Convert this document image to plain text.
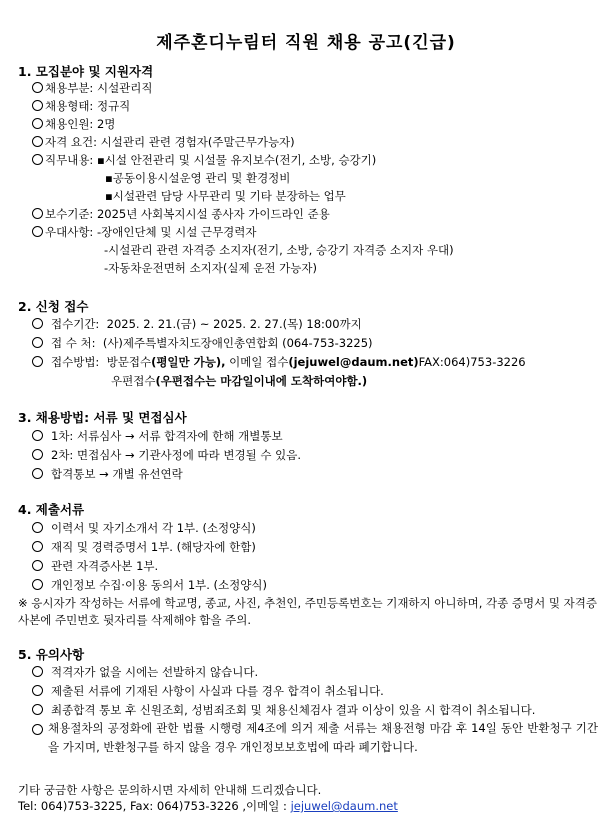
제주혼디누림터 직원 채용 공고(긴급)
1. 모집분야 및 지원자격
채용부분: 시설관리직
채용형태: 정규직
채용인원: 2명
자격 요건: 시설관리 관련 경험자(주말근무가능자)
직무내용: ▪시설 안전관리 및 시설물 유지보수(전기, 소방, 승강기)
▪공동이용시설운영 관리 및 환경정비
▪시설관련 담당 사무관리 및 기타 분장하는 업무
보수기준: 2025년 사회복지시설 종사자 가이드라인 준용
우대사항: -장애인단체 및 시설 근무경력자
-시설관리 관련 자격증 소지자(전기, 소방, 승강기 자격증 소지자 우대)
-자동차운전면허 소지자(실제 운전 가능자)
2. 신청 접수
접수기간: 2025. 2. 21.(금) ~ 2025. 2. 27.(목) 18:00까지
접 수 처: (사)제주특별자치도장애인총연합회 (064-753-3225)
접수방법: 방문접수(평일만 가능), 이메일 접수(jejuwel@daum.net)FAX:064)753-3226
우편접수(우편접수는 마감일이내에 도착하여야함.)
3. 채용방법: 서류 및 면접심사
1차: 서류심사 → 서류 합격자에 한해 개별통보
2차: 면접심사 → 기관사정에 따라 변경될 수 있음.
합격통보 → 개별 유선연락
4. 제출서류
이력서 및 자기소개서 각 1부. (소정양식)
재직 및 경력증명서 1부. (해당자에 한함)
관련 자격증사본 1부.
개인정보 수집·이용 동의서 1부. (소정양식)
※ 응시자가 작성하는 서류에 학교명, 종교, 사진, 추천인, 주민등록번호는 기재하지 아니하며, 각종 증명서 및 자격증 사본에 주민번호 뒷자리를 삭제해야 함을 주의.
5. 유의사항
적격자가 없을 시에는 선발하지 않습니다.
제출된 서류에 기재된 사항이 사실과 다를 경우 합격이 취소됩니다.
최종합격 통보 후 신원조회, 성범죄조회 및 채용신체검사 결과 이상이 있을 시 합격이 취소됩니다.
채용절차의 공정화에 관한 법률 시행령 제4조에 의거 제출 서류는 채용전형 마감 후 14일 동안 반환청구 기간을 가지며, 반환청구를 하지 않을 경우 개인정보보호법에 따라 폐기합니다.
기타 궁금한 사항은 문의하시면 자세히 안내해 드리겠습니다.
Tel: 064)753-3225, Fax: 064)753-3226 ,이메일 : jejuwel@daum.net
